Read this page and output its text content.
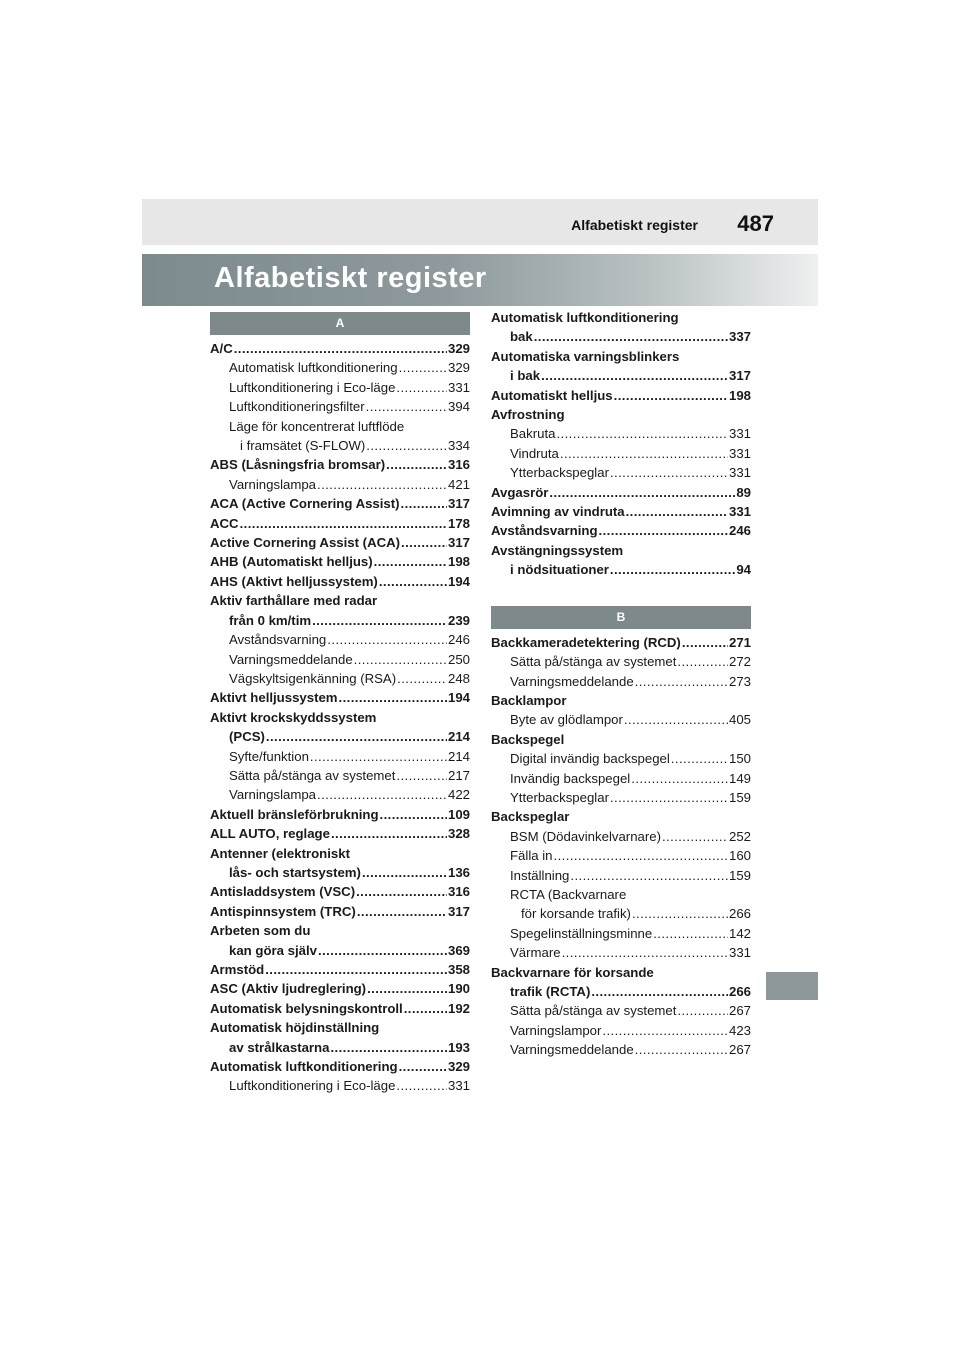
Alfabetiskt register 487
Alfabetiskt register
A
A/C .....	329
Automatisk luftkonditionering .....	329
Luftkonditionering i Eco-läge .....	331
Luftkonditioneringsfilter .....	394
Läge för koncentrerat luftflöde
i framsätet (S-FLOW) .....	334
ABS (Låsningsfria bromsar) .....	316
Varningslampa .....	421
ACA (Active Cornering Assist) .....	317
ACC .....	178
Active Cornering Assist (ACA) .....	317
AHB (Automatiskt helljus) .....	198
AHS (Aktivt helljussystem) .....	194
Aktiv farthållare med radar
från 0 km/tim .....	239
Avståndsvarning .....	246
Varningsmeddelande .....	250
Vägskyltsigenkänning (RSA) .....	248
Aktivt helljussystem .....	194
Aktivt krockskyddssystem
(PCS) .....	214
Syfte/funktion .....	214
Sätta på/stänga av systemet .....	217
Varningslampa .....	422
Aktuell bränsleförbrukning .....	109
ALL AUTO, reglage .....	328
Antenner (elektroniskt
lås- och startsystem) .....	136
Antisladdsystem (VSC) .....	316
Antispinnsystem (TRC) .....	317
Arbeten som du
kan göra själv .....	369
Armstöd .....	358
ASC (Aktiv ljudreglering) .....	190
Automatisk belysningskontroll .....	192
Automatisk höjdinställning
av strålkastarna .....	193
Automatisk luftkonditionering .....	329
Luftkonditionering i Eco-läge .....	331
Automatisk luftkonditionering
bak .....	337
Automatiska varningsblinkers
i bak .....	317
Automatiskt helljus .....	198
Avfrostning
Bakruta .....	331
Vindruta .....	331
Ytterbackspeglar .....	331
Avgasrör .....	89
Avimning av vindruta .....	331
Avståndsvarning .....	246
Avstängningssystem
i nödsituationer .....	94
B
Backkameradetektering (RCD) .....	271
Sätta på/stänga av systemet .....	272
Varningsmeddelande .....	273
Backlampor
Byte av glödlampor .....	405
Backspegel
Digital invändig backspegel .....	150
Invändig backspegel .....	149
Ytterbackspeglar .....	159
Backspeglar
BSM (Dödavinkelvarnare) .....	252
Fälla in .....	160
Inställning .....	159
RCTA (Backvarnare
för korsande trafik) .....	266
Spegelinställningsminne .....	142
Värmare .....	331
Backvarnare för korsande
trafik (RCTA) .....	266
Sätta på/stänga av systemet .....	267
Varningslampor .....	423
Varningsmeddelande .....	267
